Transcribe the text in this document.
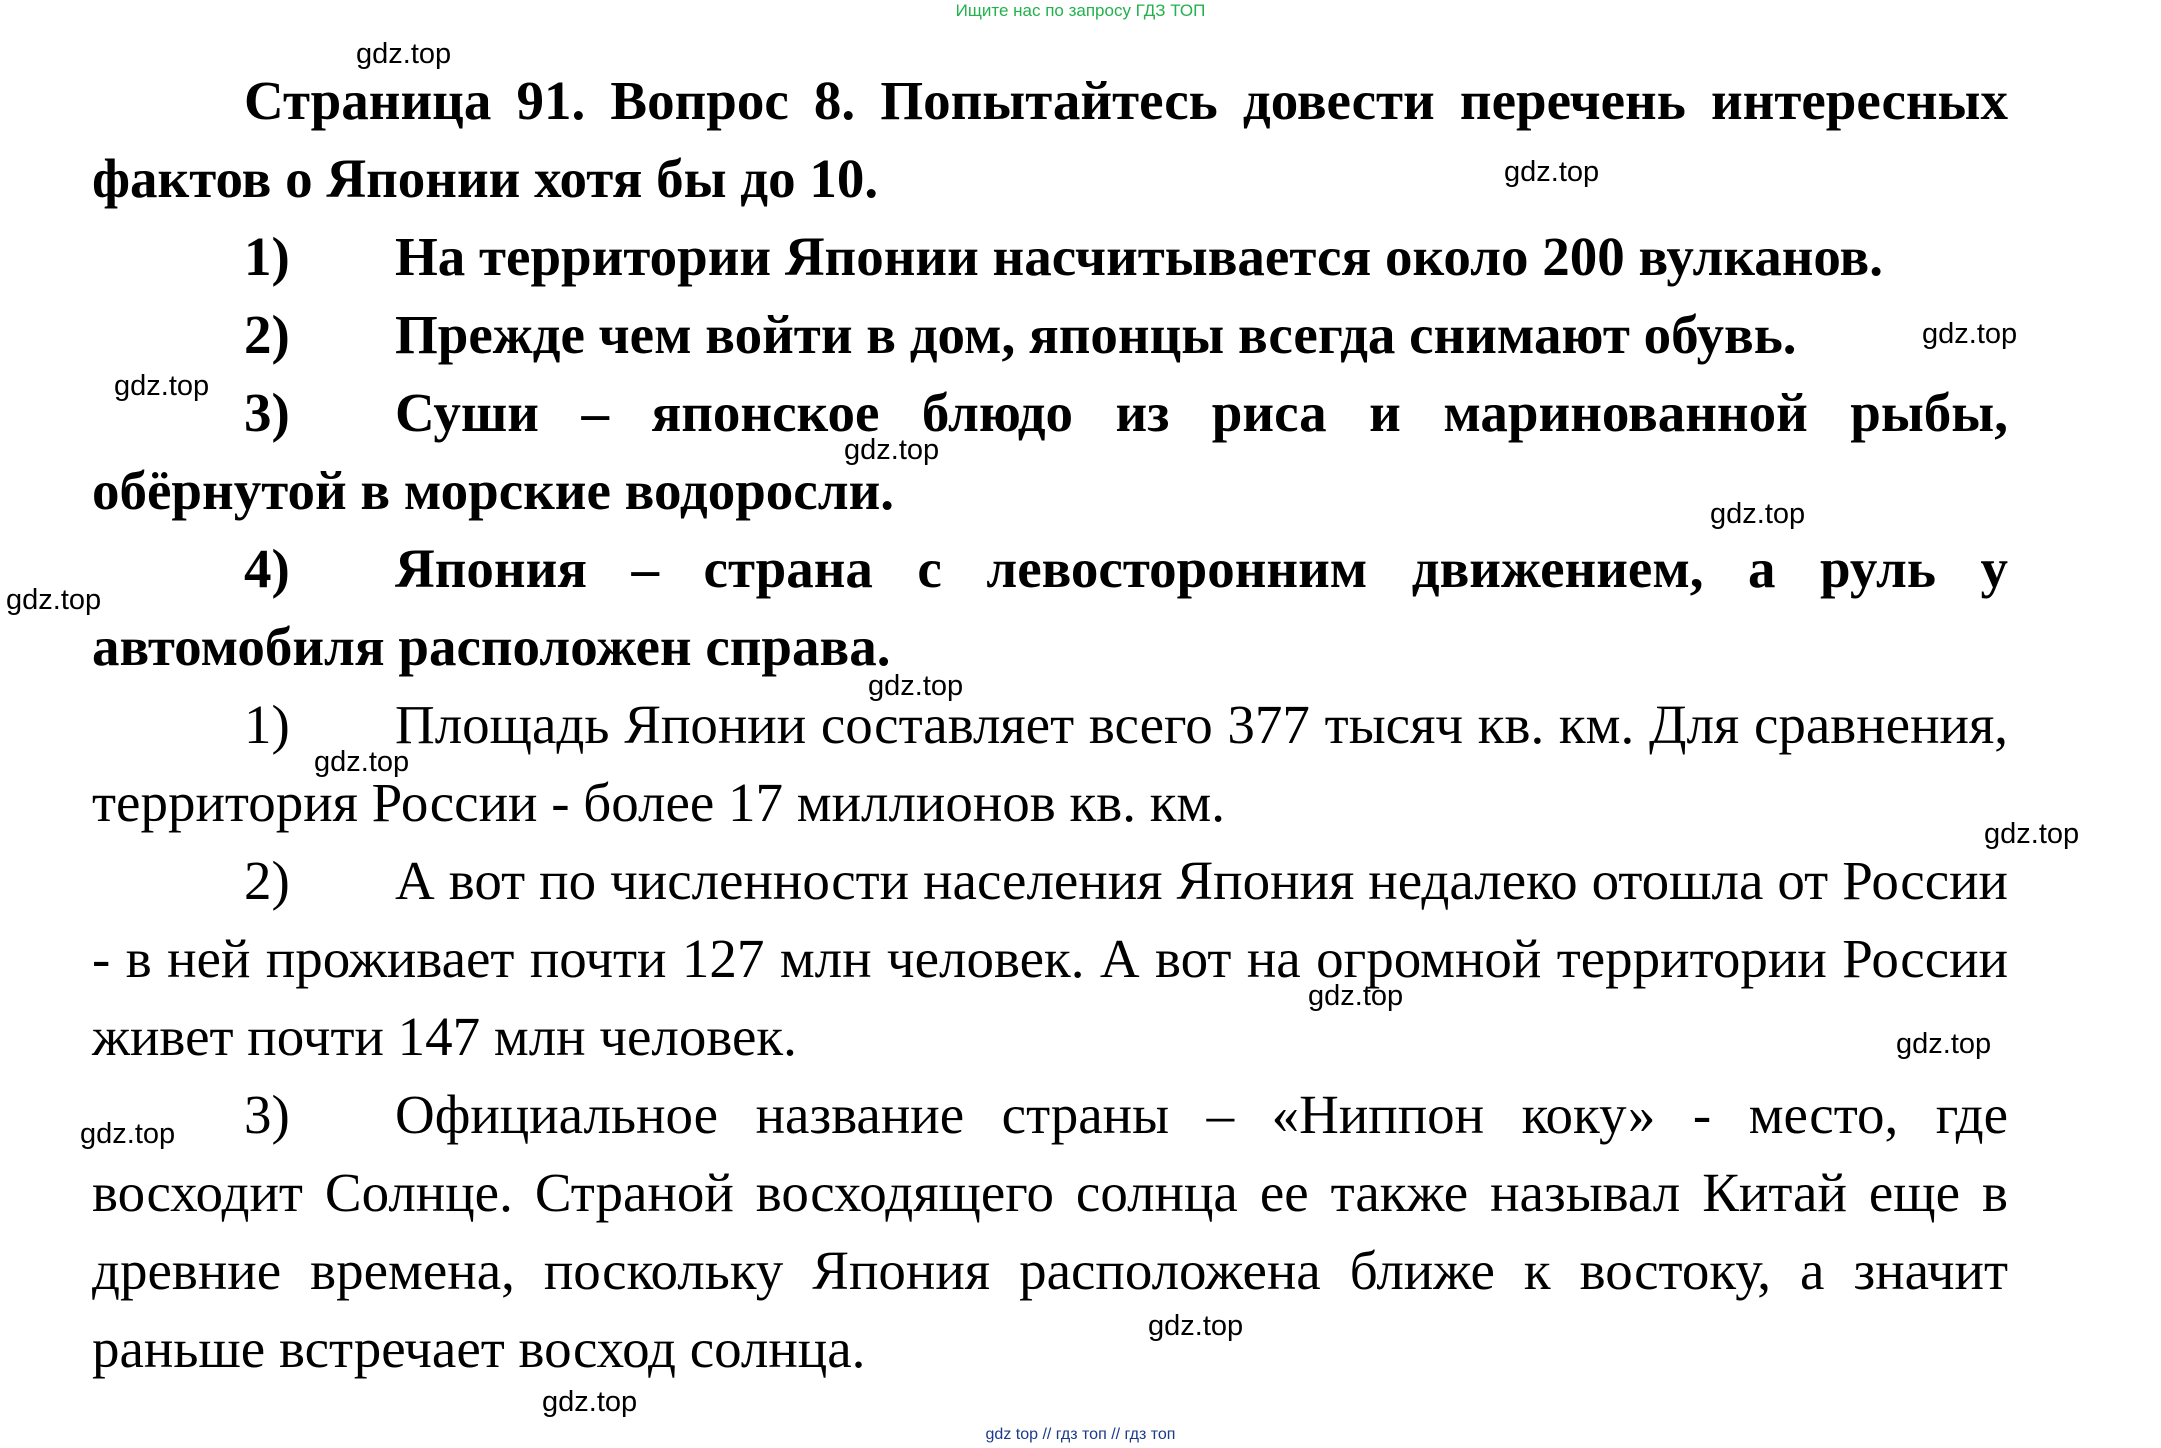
Ищите нас по запросу ГДЗ ТОП

Страница 91. Вопрос 8. Попытайтесь довести перечень интересных фактов о Японии хотя бы до 10.

1) На территории Японии насчитывается около 200 вулканов.

2) Прежде чем войти в дом, японцы всегда снимают обувь.

3) Суши – японское блюдо из риса и маринованной рыбы, обёрнутой в морские водоросли.

4) Япония – страна с левосторонним движением, а руль у автомобиля расположен справа.

1) Площадь Японии составляет всего 377 тысяч кв. км. Для сравнения, территория России - более 17 миллионов кв. км.

2) А вот по численности населения Япония недалеко отошла от России - в ней проживает почти 127 млн человек. А вот на огромной территории России живет почти 147 млн человек.

3) Официальное название страны – «Ниппон коку» - место, где восходит Солнце. Страной восходящего солнца ее также называл Китай еще в древние времена, поскольку Япония расположена ближе к востоку, а значит раньше встречает восход солнца.

gdz.top
gdz.top
gdz.top
gdz.top
gdz.top
gdz.top
gdz.top
gdz.top
gdz.top
gdz.top
gdz.top
gdz.top
gdz.top
gdz.top
gdz.top
gdz top // гдз топ // гдз топ
